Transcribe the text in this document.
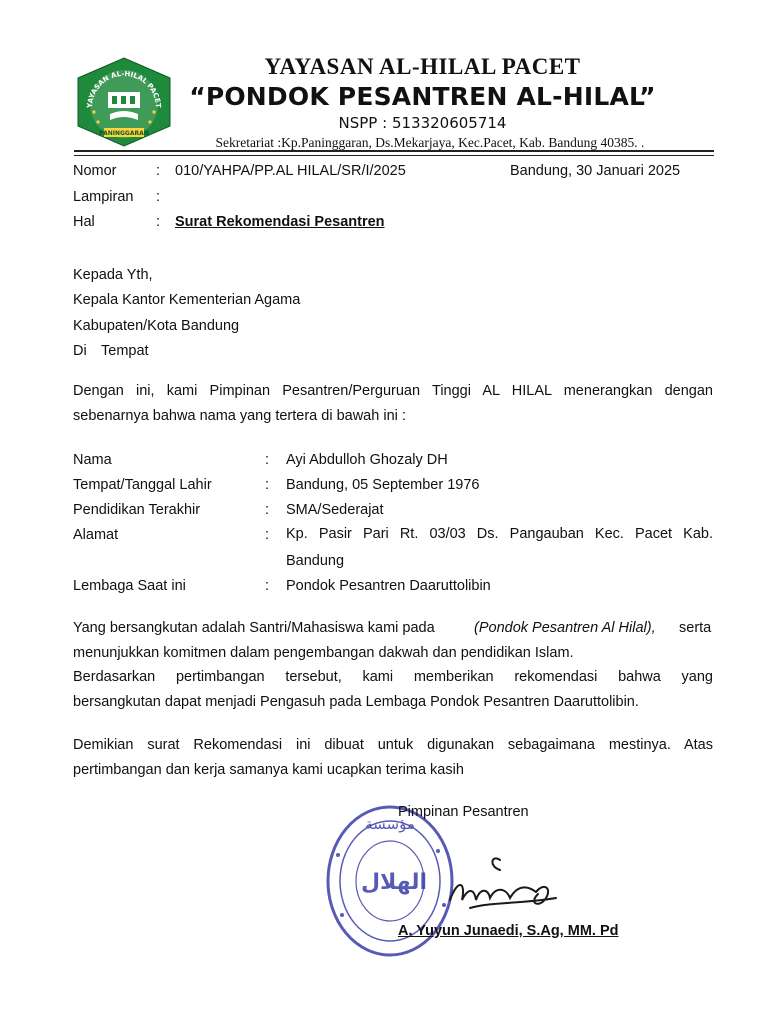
YAYASAN AL-HILAL PACET
PANINGGARAN
YAYASAN AL-HILAL PACET
“PONDOK PESANTREN AL-HILAL”
NSPP : 513320605714
Sekretariat :Kp.Paninggaran, Ds.Mekarjaya, Kec.Pacet, Kab. Bandung 40385. .
Nomor	: 010/YAHPA/PP.AL HILAL/SR/I/2025	Bandung, 30 Januari 2025
Lampiran :
Hal	: Surat Rekomendasi Pesantren
Kepada Yth,
Kepala Kantor Kementerian Agama
Kabupaten/Kota Bandung
Di Tempat
Dengan ini, kami Pimpinan Pesantren/Perguruan Tinggi AL HILAL menerangkan dengan
sebenarnya bahwa nama yang tertera di bawah ini :
Nama	: Ayi Abdulloh Ghozaly DH
Tempat/Tanggal Lahir	: Bandung, 05 September 1976
Pendidikan Terakhir	: SMA/Sederajat
Alamat	: Kp. Pasir Pari Rt. 03/03 Ds. Pangauban Kec. Pacet Kab.
Bandung
Lembaga Saat ini	: Pondok Pesantren Daaruttolibin
Yang bersangkutan adalah Santri/Mahasiswa kami pada	(Pondok Pesantren Al Hilal), serta
menunjukkan komitmen dalam pengembangan dakwah dan pendidikan Islam.
Berdasarkan pertimbangan tersebut, kami memberikan rekomendasi bahwa yang
bersangkutan dapat menjadi Pengasuh pada Lembaga Pondok Pesantren Daaruttolibin.
Demikian surat Rekomendasi ini dibuat untuk digunakan sebagaimana mestinya. Atas
pertimbangan dan kerja samanya kami ucapkan terima kasih
مؤسسة
الهلال
Pimpinan Pesantren
A. Yuyun Junaedi, S.Ag, MM. Pd
